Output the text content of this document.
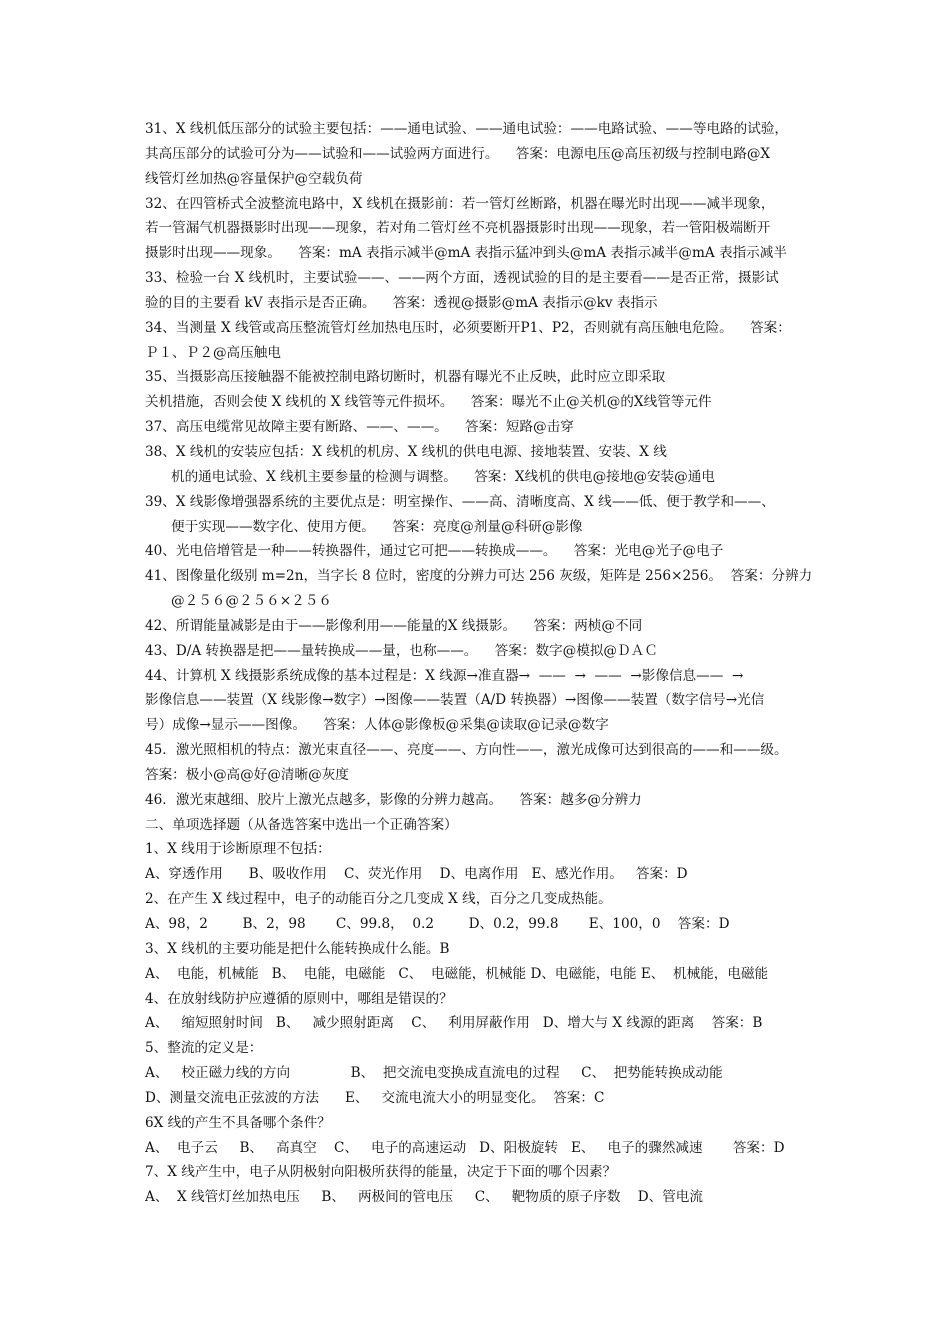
31、X 线机低压部分的试验主要包括：——通电试验、——通电试验：——电路试验、——等电路的试验，
其高压部分的试验可分为——试验和——试验两方面进行。    答案：电源电压@高压初级与控制电路@X
线管灯丝加热@容量保护@空载负荷
32、在四管桥式全波整流电路中，X 线机在摄影前：若一管灯丝断路，机器在曝光时出现——减半现象，
若一管漏气机器摄影时出现——现象，若对角二管灯丝不亮机器摄影时出现——现象，若一管阳极端断开
摄影时出现——现象。    答案：mA 表指示减半@mA 表指示猛冲到头@mA 表指示减半@mA 表指示减半
33、检验一台 X 线机时，主要试验——、——两个方面，透视试验的目的是主要看——是否正常，摄影试
验的目的主要看 kV 表指示是否正确。    答案：透视@摄影@mA 表指示@kv 表指示
34、当测量 X 线管或高压整流管灯丝加热电压时，必须要断开P1、P2，否则就有高压触电危险。    答案：
Ｐ１、Ｐ２@高压触电
35、当摄影高压接触器不能被控制电路切断时，机器有曝光不止反映，此时应立即采取
关机措施，否则会使 X 线机的 X 线管等元件损坏。    答案：曝光不止@关机@的X线管等元件
37、高压电缆常见故障主要有断路、——、——。    答案：短路@击穿
38、X 线机的安装应包括：X 线机的机房、X 线机的供电电源、接地装置、安装、X 线
机的通电试验、X 线机主要参量的检测与调整。    答案：X线机的供电@接地@安装@通电
39、X 线影像增强器系统的主要优点是：明室操作、——高、清晰度高、X 线——低、便于教学和——、
便于实现——数字化、使用方便。    答案：亮度@剂量@科研@影像
40、光电倍增管是一种——转换器件，通过它可把——转换成——。    答案：光电@光子@电子
41、图像量化级别 m=2n，当字长 8 位时，密度的分辨力可达 256 灰级，矩阵是 256×256。  答案：分辨力
@２５６@２５６×２５６
42、所谓能量减影是由于——影像利用——能量的X 线摄影。    答案：两桢@不同
43、D/A 转换器是把——量转换成——量，也称——。    答案：数字@模拟@ＤＡＣ
44、计算机 X 线摄影系统成像的基本过程是：X 线源→准直器→  ——  →  ——  →影像信息——  →
影像信息——装置（X 线影像→数字）→图像——装置（A/D 转换器）→图像——装置（数字信号→光信
号）成像→显示——图像。    答案：人体@影像板@采集@读取@记录@数字
45．激光照相机的特点：激光束直径——、亮度——、方向性——，激光成像可达到很高的——和——级。
答案：极小@高@好@清晰@灰度
46．激光束越细、胶片上激光点越多，影像的分辨力越高。    答案：越多@分辨力
二、单项选择题（从备选答案中选出一个正确答案）
1、X 线用于诊断原理不包括：
A、穿透作用      B、吸收作用    C、荧光作用    D、电离作用   E、感光作用。   答案：D
2、在产生 X 线过程中，电子的动能百分之几变成 X 线，百分之几变成热能。
A、98，2        B、2，98       C、99.8，  0.2        D、0.2，99.8       E、100，0    答案：D
3、X 线机的主要功能是把什么能转换成什么能。B
A、  电能，机械能   B、  电能，电磁能   C、  电磁能，机械能 D、电磁能，电能 E、  机械能，电磁能
4、在放射线防护应遵循的原则中，哪组是错误的？
A、   缩短照射时间   B、   减少照射距离    C、   利用屏蔽作用   D、增大与 X 线源的距离    答案：B
5、整流的定义是：
A、   校正磁力线的方向              B、  把交流电变换成直流电的过程     C、  把势能转换成动能
D、测量交流电正弦波的方法      E、   交流电流大小的明显变化。  答案：C
6X 线的产生不具备哪个条件？
A、  电子云     B、   高真空    C、   电子的高速运动   D、阳极旋转   E、   电子的骤然减速       答案：D
7、X 线产生中，电子从阴极射向阳极所获得的能量，决定于下面的哪个因素？
A、  X 线管灯丝加热电压     B、   两极间的管电压     C、   靶物质的原子序数    D、管电流
